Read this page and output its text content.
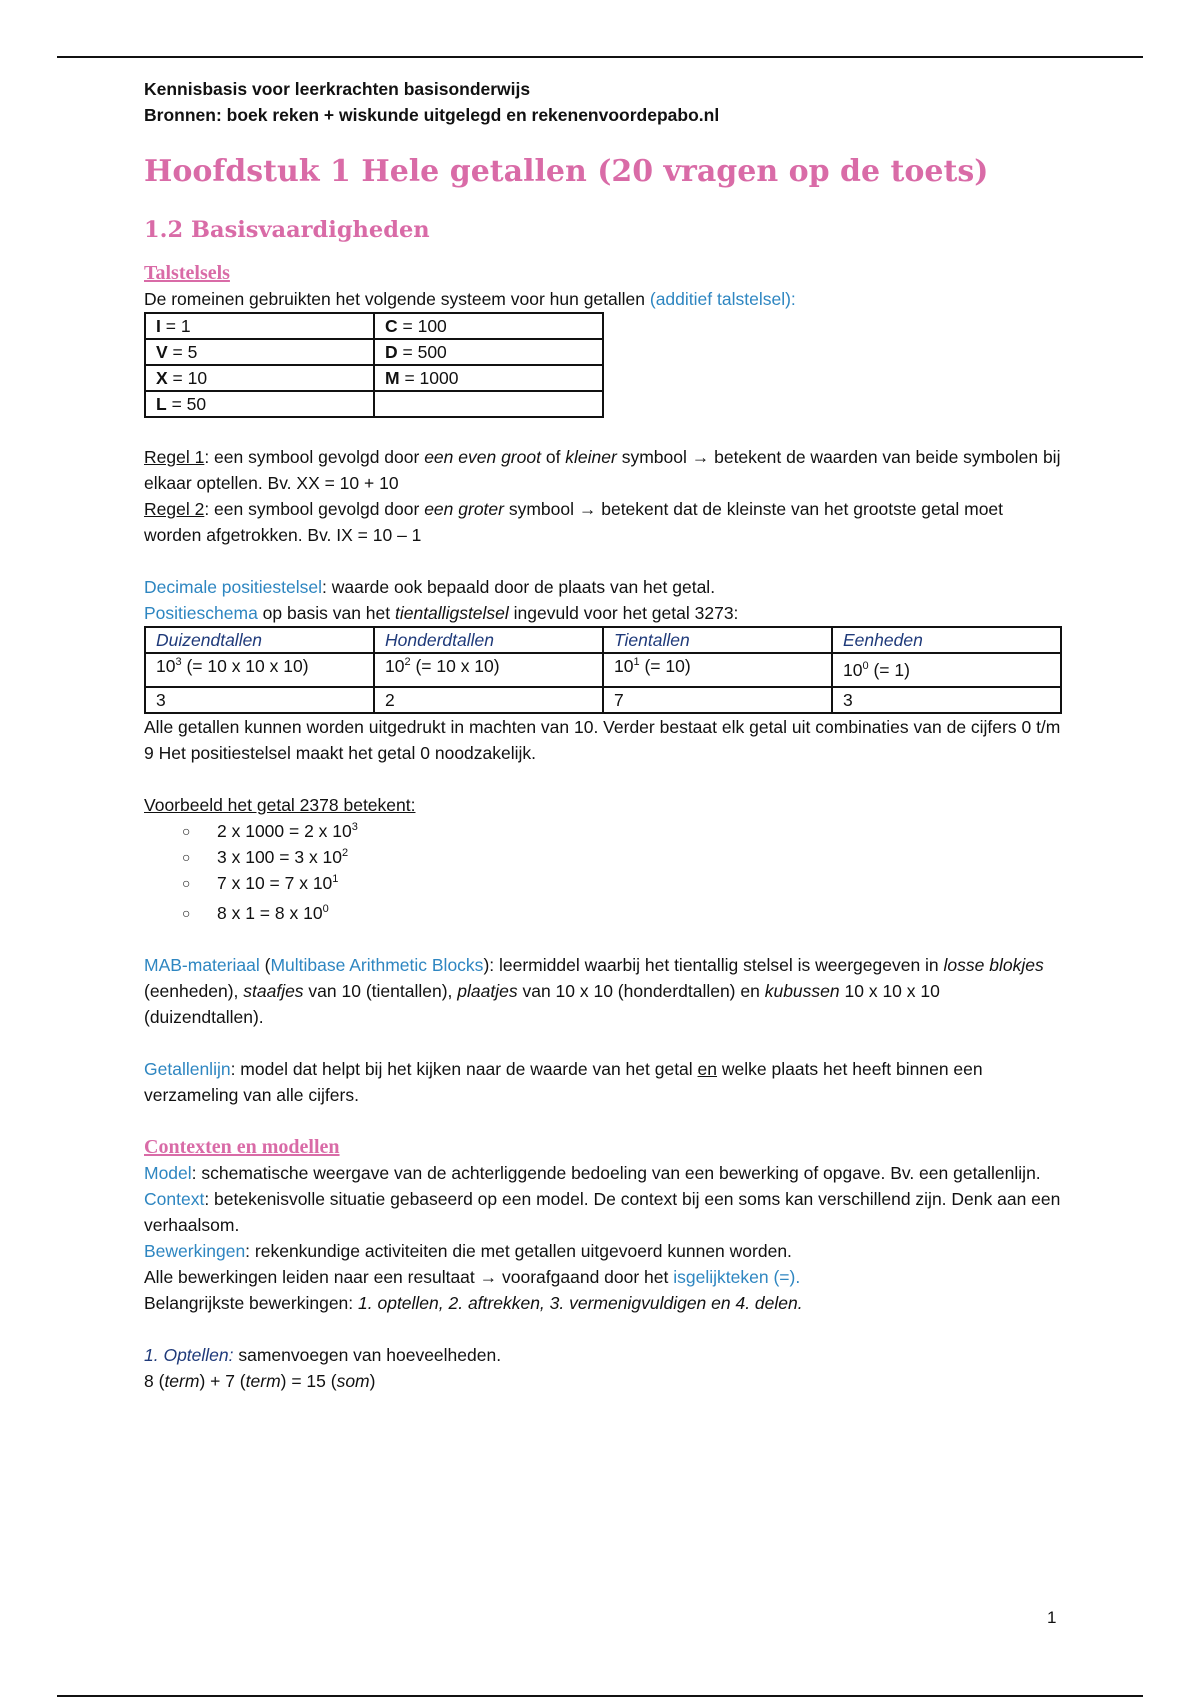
Kennisbasis voor leerkrachten basisonderwijs

Bronnen: boek reken + wiskunde uitgelegd en rekenenvoordepabo.nl

Hoofdstuk 1 Hele getallen (20 vragen op de toets)
1.2 Basisvaardigheden
Talstelsels

De romeinen gebruikten het volgende systeem voor hun getallen (additief talstelsel):

I = 1	C = 100
V = 5	D = 500
X = 10	M = 1000
L = 50	

Regel 1: een symbool gevolgd door een even groot of kleiner symbool → betekent de waarden van beide symbolen bij elkaar optellen. Bv. XX = 10 + 10

Regel 2: een symbool gevolgd door een groter symbool → betekent dat de kleinste van het grootste getal moet worden afgetrokken. Bv. IX = 10 – 1

Decimale positiestelsel: waarde ook bepaald door de plaats van het getal.

Positieschema op basis van het tientalligstelsel ingevuld voor het getal 3273:

Duizendtallen	Honderdtallen	Tientallen	Eenheden
$10^3$ (= 10 x 10 x 10)	$10^2$ (= 10 x 10)	$10^1$ (= 10)	$10^0$ (= 1)
3	2	7	3

Alle getallen kunnen worden uitgedrukt in machten van 10. Verder bestaat elk getal uit combinaties van de cijfers 0 t/m 9 Het positiestelsel maakt het getal 0 noodzakelijk.

Voorbeeld het getal 2378 betekent:

○ 2 x 1000 = 2 x $10^3$
○ 3 x 100 = 3 x $10^2$
○ 7 x 10 = 7 x $10^1$
○ 8 x 1 = 8 x $10^0$

MAB-materiaal (Multibase Arithmetic Blocks): leermiddel waarbij het tientallig stelsel is weergegeven in losse blokjes (eenheden), staafjes van 10 (tientallen), plaatjes van 10 x 10 (honderdtallen) en kubussen 10 x 10 x 10 (duizendtallen).

Getallenlijn: model dat helpt bij het kijken naar de waarde van het getal en welke plaats het heeft binnen een verzameling van alle cijfers.

Contexten en modellen

Model: schematische weergave van de achterliggende bedoeling van een bewerking of opgave. Bv. een getallenlijn.

Context: betekenisvolle situatie gebaseerd op een model. De context bij een soms kan verschillend zijn. Denk aan een verhaalsom.

Bewerkingen: rekenkundige activiteiten die met getallen uitgevoerd kunnen worden.

Alle bewerkingen leiden naar een resultaat → voorafgaand door het isgelijkteken (=).

Belangrijkste bewerkingen: 1. optellen, 2. aftrekken, 3. vermenigvuldigen en 4. delen.

1. Optellen: samenvoegen van hoeveelheden.

8 (term) + 7 (term) = 15 (som)

1
